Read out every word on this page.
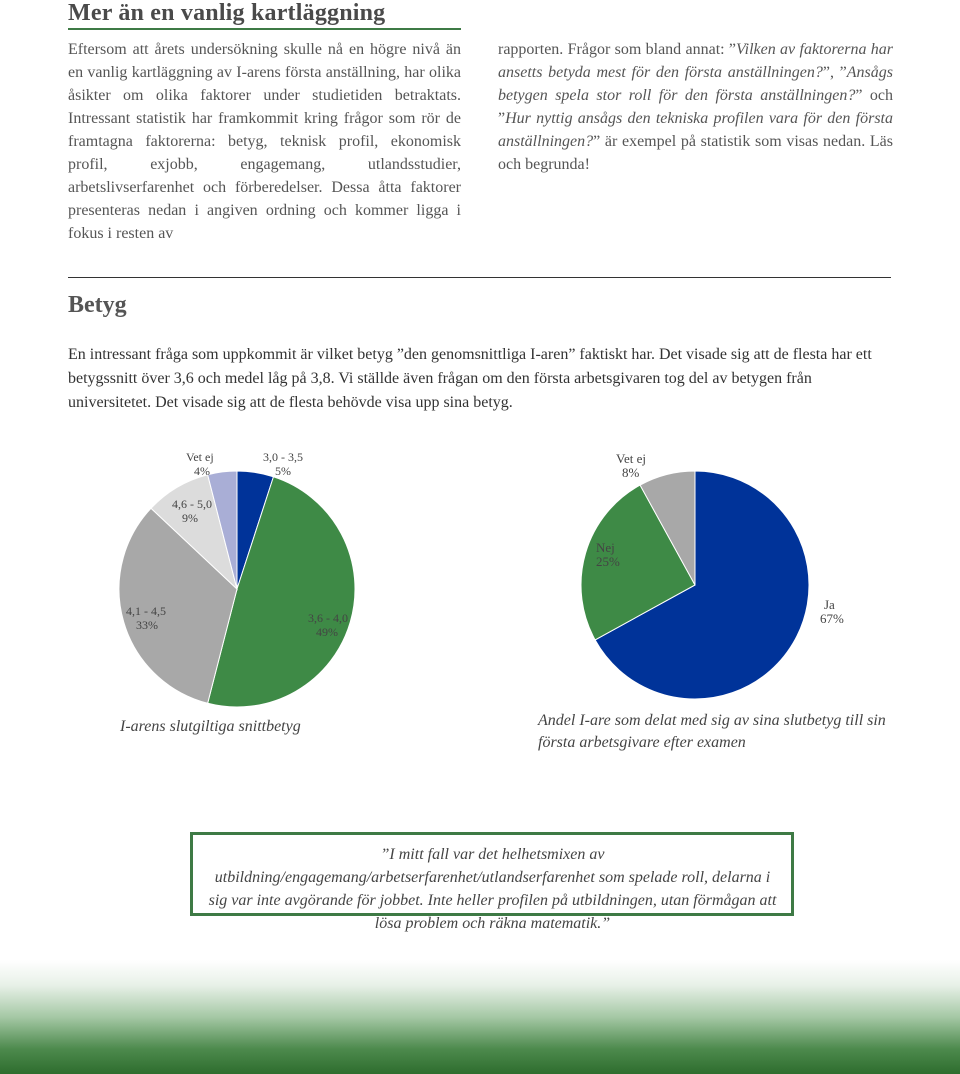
Mer än en vanlig kartläggning

Eftersom att årets undersökning skulle nå en högre nivå än en vanlig kartläggning av I-arens första anställning, har olika åsikter om olika faktorer under studietiden betraktats. Intressant statistik har framkommit kring frågor som rör de framtagna faktorerna: betyg, teknisk profil, ekonomisk profil, exjobb, engagemang, utlandsstudier, arbetslivserfarenhet och förberedelser. Dessa åtta faktorer presenteras nedan i angiven ordning och kommer ligga i fokus i resten av

rapporten. Frågor som bland annat: ”Vilken av faktorerna har ansetts betyda mest för den första anställningen?”, ”Ansågs betygen spela stor roll för den första anställningen?” och ”Hur nyttig ansågs den tekniska profilen vara för den första anställningen?” är exempel på statistik som visas nedan. Läs och begrunda!

Betyg

En intressant fråga som uppkommit är vilket betyg ”den genomsnittliga I-aren” faktiskt har. Det visade sig att de flesta har ett betygssnitt över 3,6 och medel låg på 3,8. Vi ställde även frågan om den första arbetsgivaren tog del av betygen från universitetet. Det visade sig att de flesta behövde visa upp sina betyg.

Vet ej
4%
3,0 - 3,5
5%
4,6 - 5,0
9%
4,1 - 4,5
33%	3,6 - 4,0
49%
I-arens slutgiltiga snittbetyg
Vet ej
8%
Nej
25%
Ja
67%
Andel I-are som delat med sig av sina slutbetyg till sin första arbetsgivare efter examen

”I mitt fall var det helhetsmixen av utbildning/engagemang/arbetserfarenhet/utlandserfarenhet som spelade roll, delarna i sig var inte avgörande för jobbet. Inte heller profilen på utbildningen, utan förmågan att lösa problem och räkna matematik.”
